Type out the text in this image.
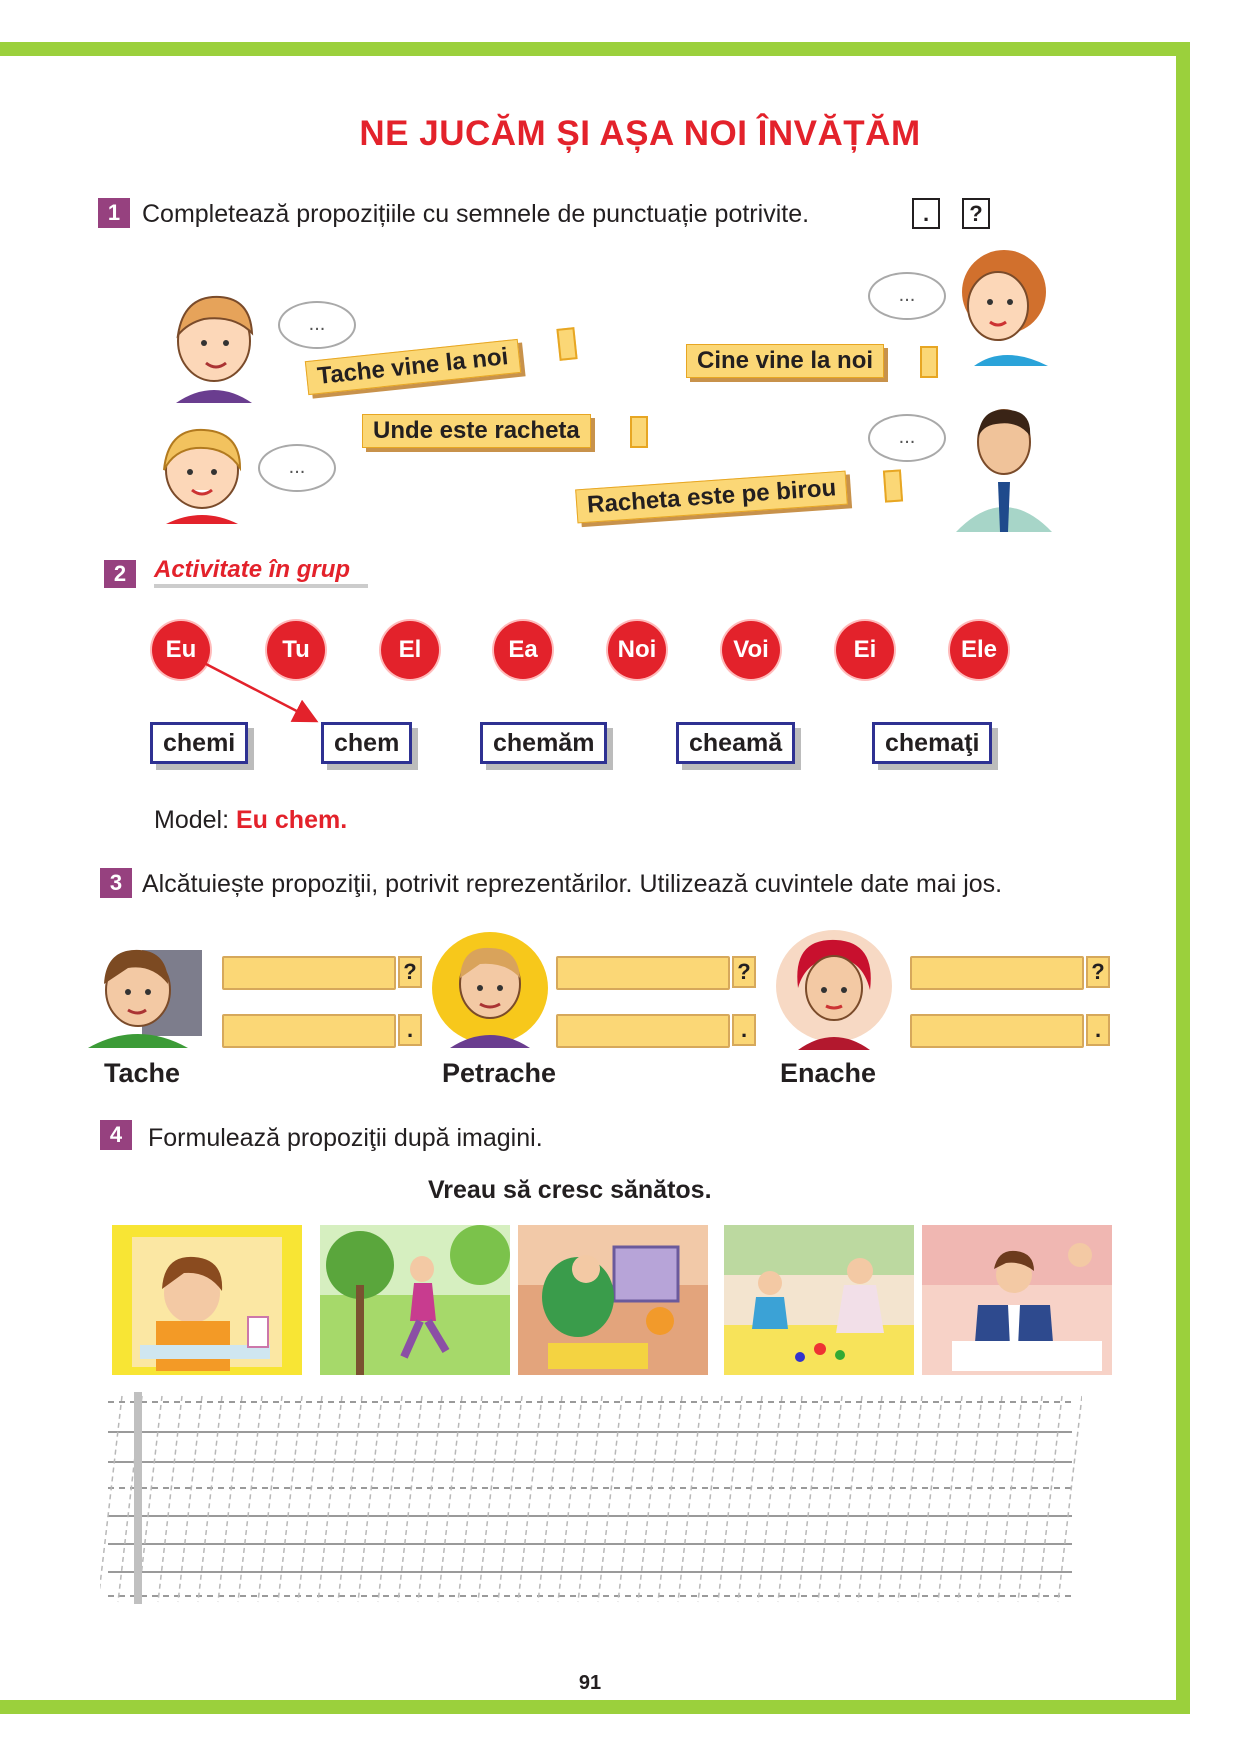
NE JUCĂM ȘI AȘA NOI ÎNVĂȚĂM
1 Completează propozițiile cu semnele de punctuație potrivite.	.	?
...
...
...
...
Tache vine la noi	Cine vine la noi
Unde este racheta
Racheta este pe birou
2	Activitate în grup
Eu	Tu	El	Ea	Noi	Voi	Ei	Ele
chemi	chem	chemăm	cheamă	chemaţi
Model: Eu chem.
3 Alcătuiește propoziţii, potrivit reprezentărilor. Utilizează cuvintele date mai jos.
?
.
?
.
?
.
Tache	Petrache	Enache
4	Formulează propoziţii după imagini.
Vreau să cresc sănătos.
91
